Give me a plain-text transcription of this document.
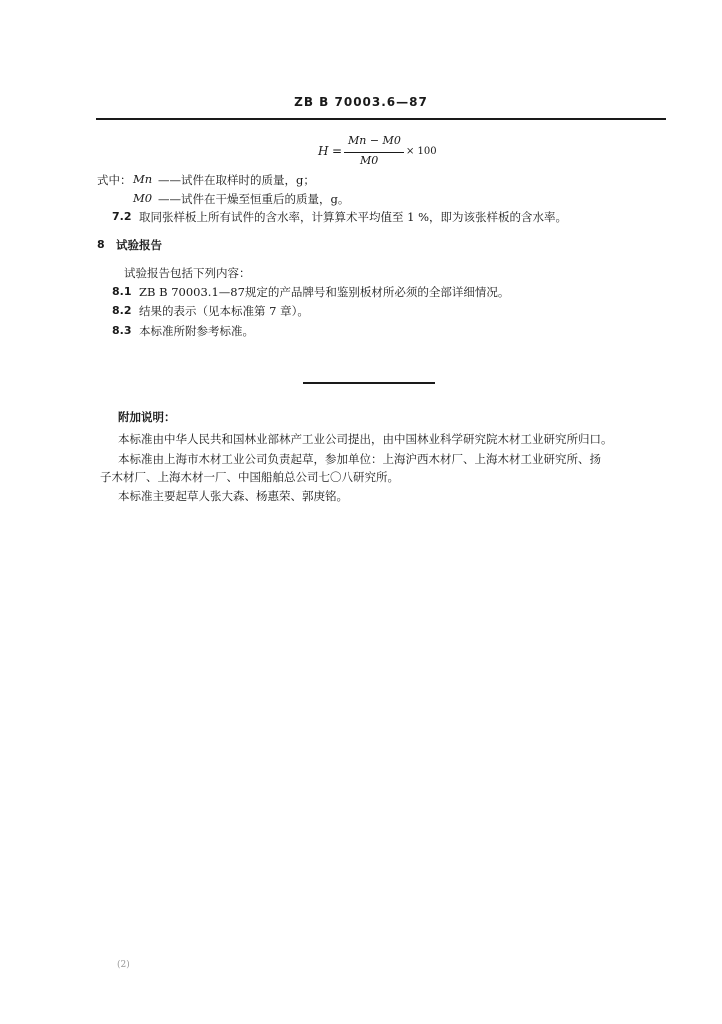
ZB B 70003.6—87
H =
Mn − M0
M0
× 100
式中： Mn ——试件在取样时的质量，g；
M0 ——试件在干燥至恒重后的质量，g。
7.2 取同张样板上所有试件的含水率，计算算术平均值至 1 %，即为该张样板的含水率。
8 试验报告
试验报告包括下列内容：
8.1 ZB B 70003.1—87规定的产品牌号和鉴别板材所必须的全部详细情况。
8.2 结果的表示（见本标准第 7 章）。
8.3 本标准所附参考标准。
附加说明：
本标准由中华人民共和国林业部林产工业公司提出，由中国林业科学研究院木材工业研究所归口。
本标准由上海市木材工业公司负责起草，参加单位：上海沪西木材厂、上海木材工业研究所、扬
子木材厂、上海木材一厂、中国船舶总公司七〇八研究所。
本标准主要起草人张大森、杨惠荣、郭庚铭。
(2)
